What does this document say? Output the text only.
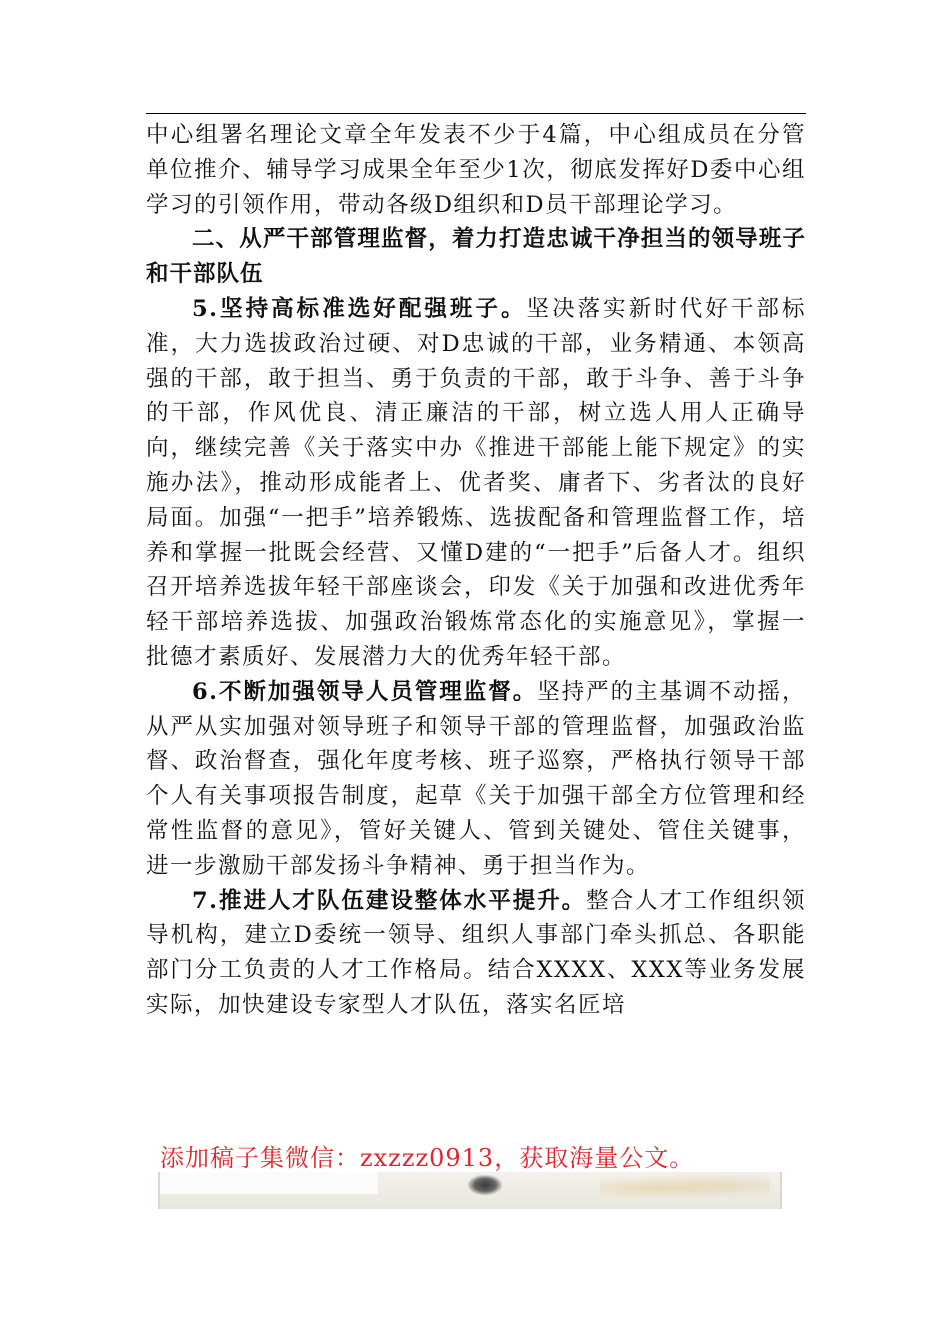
中心组署名理论文章全年发表不少于4篇，中心组成员在分管单位推介、辅导学习成果全年至少1次，彻底发挥好D委中心组学习的引领作用，带动各级D组织和D员干部理论学习。

二、从严干部管理监督，着力打造忠诚干净担当的领导班子和干部队伍

5.坚持高标准选好配强班子。坚决落实新时代好干部标准，大力选拔政治过硬、对D忠诚的干部，业务精通、本领高强的干部，敢于担当、勇于负责的干部，敢于斗争、善于斗争的干部，作风优良、清正廉洁的干部，树立选人用人正确导向，继续完善《关于落实中办《推进干部能上能下规定》的实施办法》，推动形成能者上、优者奖、庸者下、劣者汰的良好局面。加强“一把手”培养锻炼、选拔配备和管理监督工作，培养和掌握一批既会经营、又懂D建的“一把手”后备人才。组织召开培养选拔年轻干部座谈会，印发《关于加强和改进优秀年轻干部培养选拔、加强政治锻炼常态化的实施意见》，掌握一批德才素质好、发展潜力大的优秀年轻干部。

6.不断加强领导人员管理监督。坚持严的主基调不动摇，从严从实加强对领导班子和领导干部的管理监督，加强政治监督、政治督查，强化年度考核、班子巡察，严格执行领导干部个人有关事项报告制度，起草《关于加强干部全方位管理和经常性监督的意见》，管好关键人、管到关键处、管住关键事，进一步激励干部发扬斗争精神、勇于担当作为。

7.推进人才队伍建设整体水平提升。整合人才工作组织领导机构，建立D委统一领导、组织人事部门牵头抓总、各职能部门分工负责的人才工作格局。结合XXXX、XXX等业务发展实际，加快建设专家型人才队伍，落实名匠培

添加稿子集微信：zxzzz0913，获取海量公文。
